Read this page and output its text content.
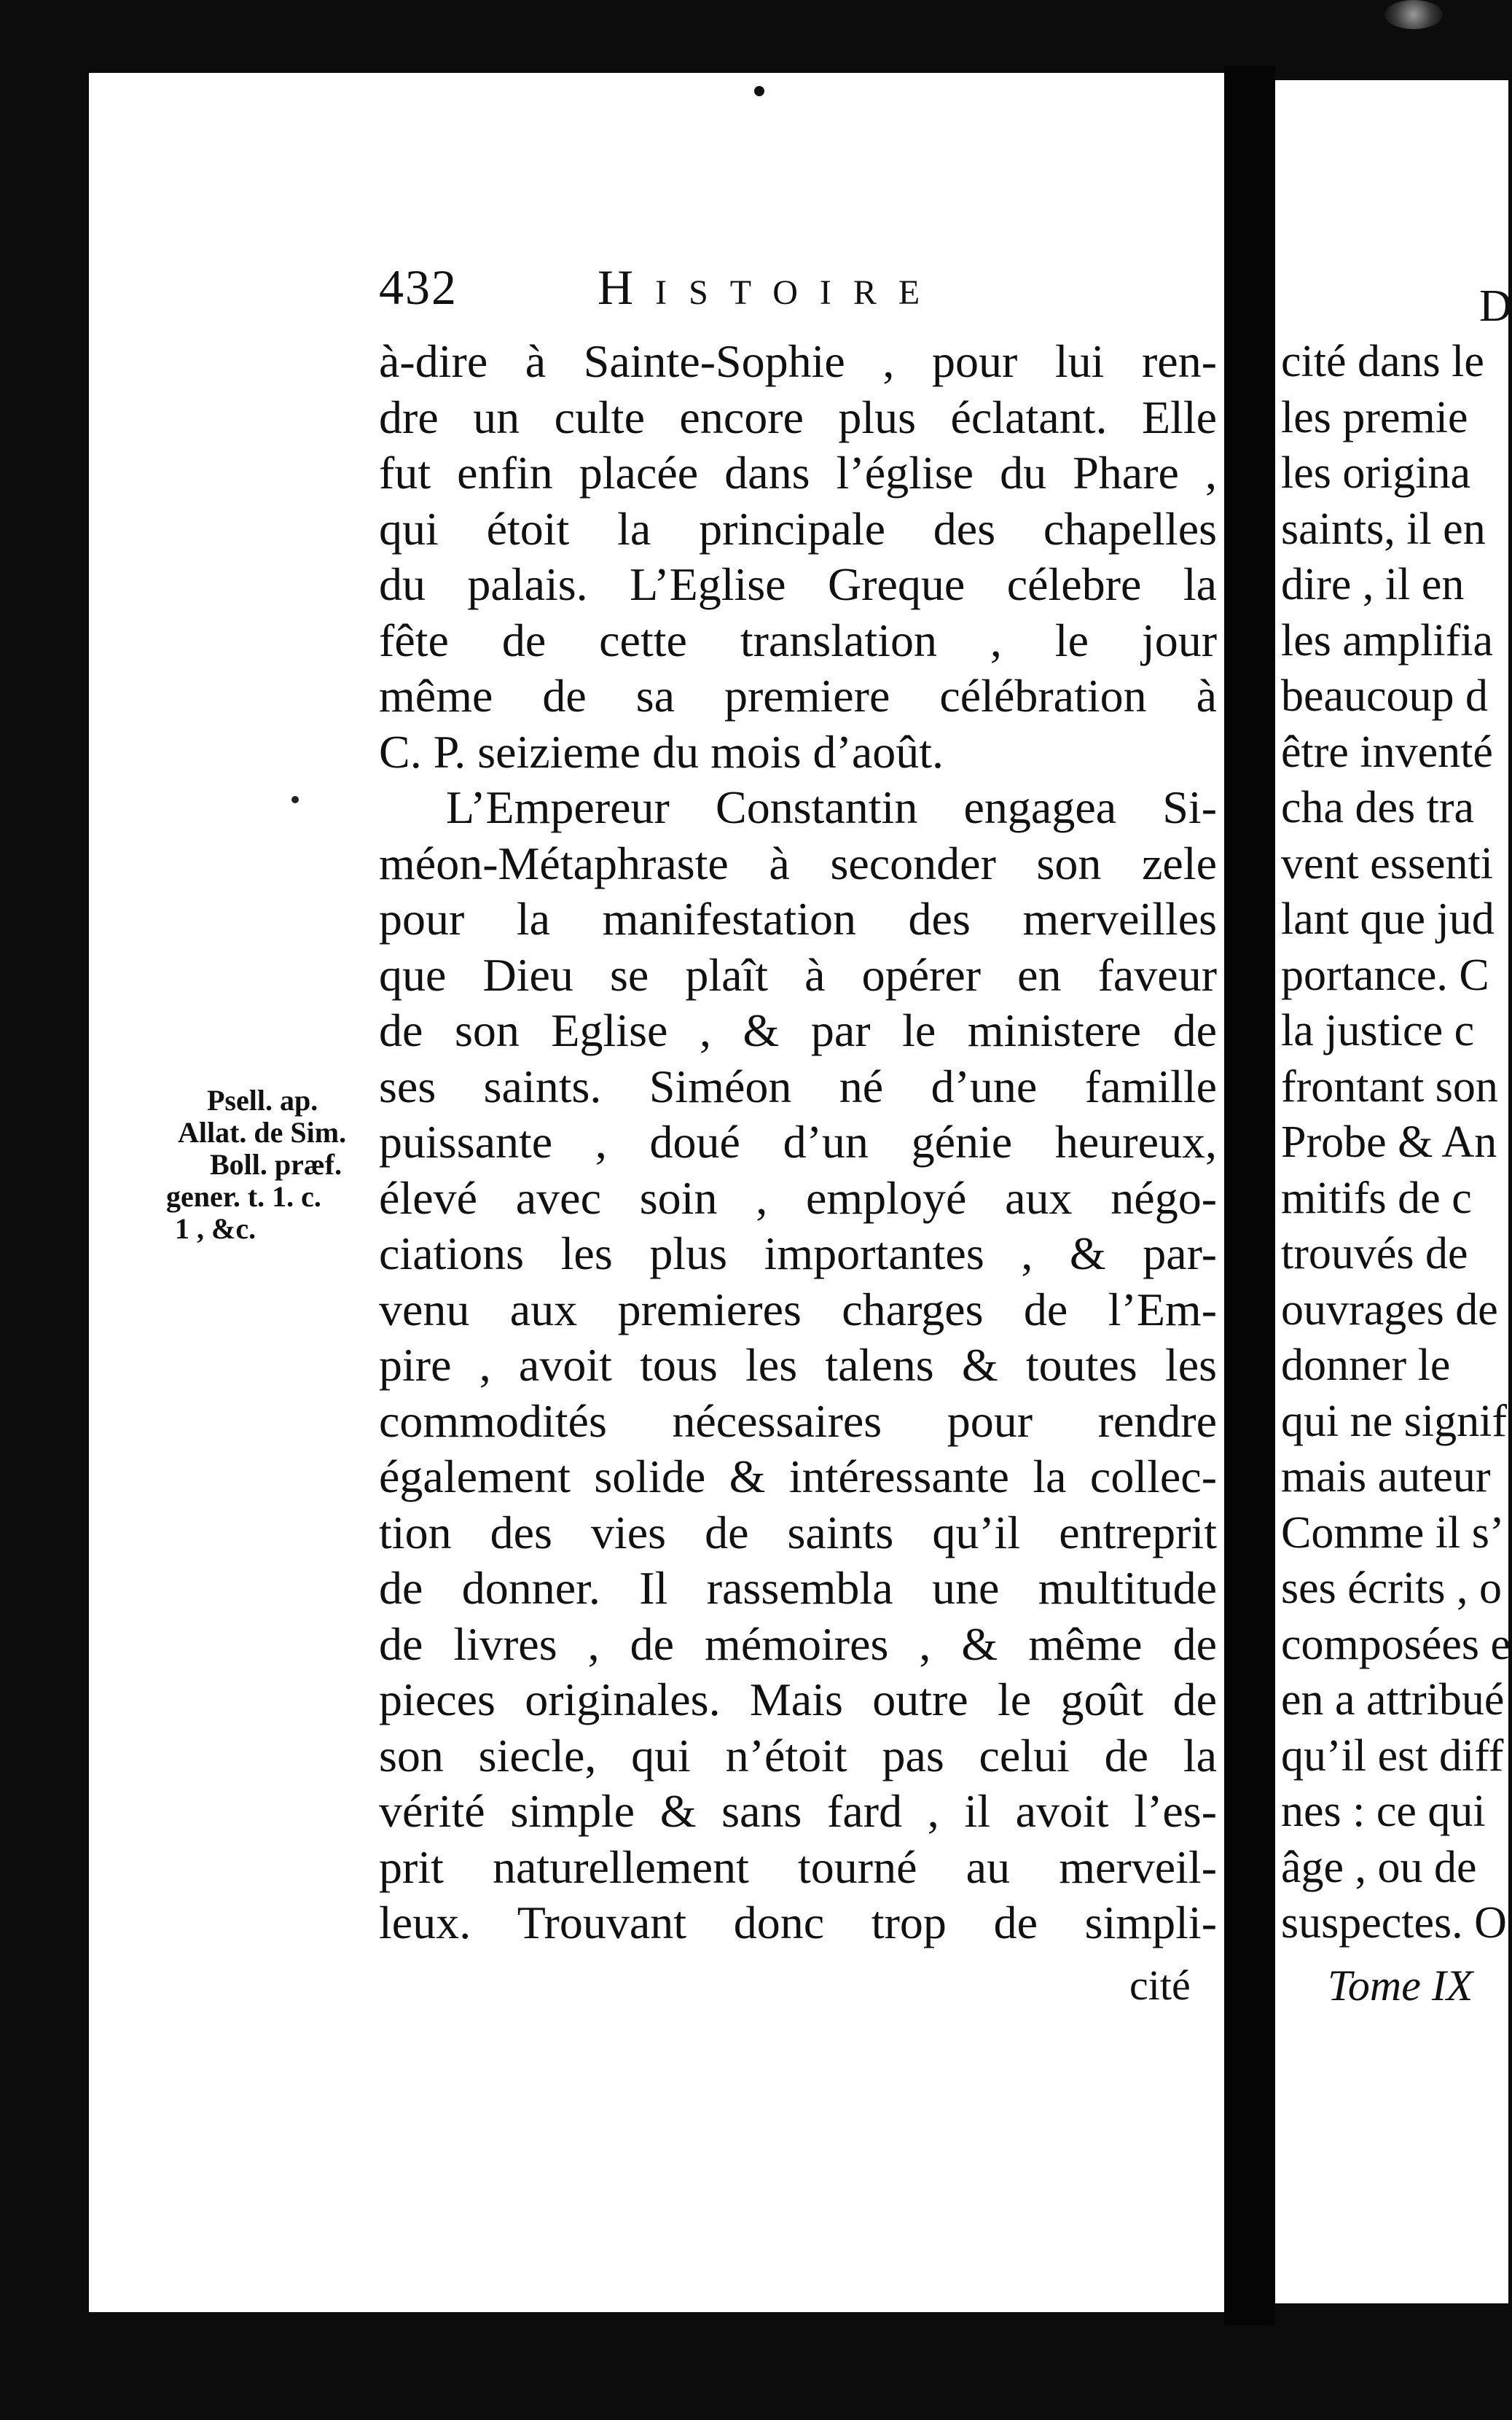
432	Histoire
à-dire à Sainte-Sophie , pour lui ren-
dre un culte encore plus éclatant. Elle
fut enfin placée dans l’église du Phare ,
qui étoit la principale des chapelles
du palais. L’Eglise Greque célebre la
fête de cette translation , le jour
même de sa premiere célébration à
C. P. seizieme du mois d’août.
L’Empereur Constantin engagea Si-
méon-Métaphraste à seconder son zele
pour la manifestation des merveilles
que Dieu se plaît à opérer en faveur
de son Eglise , & par le ministere de
ses saints. Siméon né d’une famille
puissante , doué d’un génie heureux,
élevé avec soin , employé aux négo-
ciations les plus importantes , & par-
venu aux premieres charges de l’Em-
pire , avoit tous les talens & toutes les
commodités nécessaires pour rendre
également solide & intéressante la collec-
tion des vies de saints qu’il entreprit
de donner. Il rassembla une multitude
de livres , de mémoires , & même de
pieces originales. Mais outre le goût de
son siecle, qui n’étoit pas celui de la
vérité simple & sans fard , il avoit l’es-
prit naturellement tourné au merveil-
leux. Trouvant donc trop de simpli-
cité
Psell. ap.
Allat. de Sim.
Boll. præf.
gener. t. 1. c.
1 , &c.
D
cité dans le
les premie
les origina
saints, il en
dire , il en
les amplifia
beaucoup d
être inventé
cha des tra
vent essenti
lant que jud
portance. C
la justice c
frontant son
Probe & An
mitifs de c
trouvés de
ouvrages de
donner le
qui ne signif
mais auteur
Comme il s’
ses écrits , o
composées e
en a attribué
qu’il est diff
nes : ce qui
âge , ou de
suspectes. O
Tome IX
